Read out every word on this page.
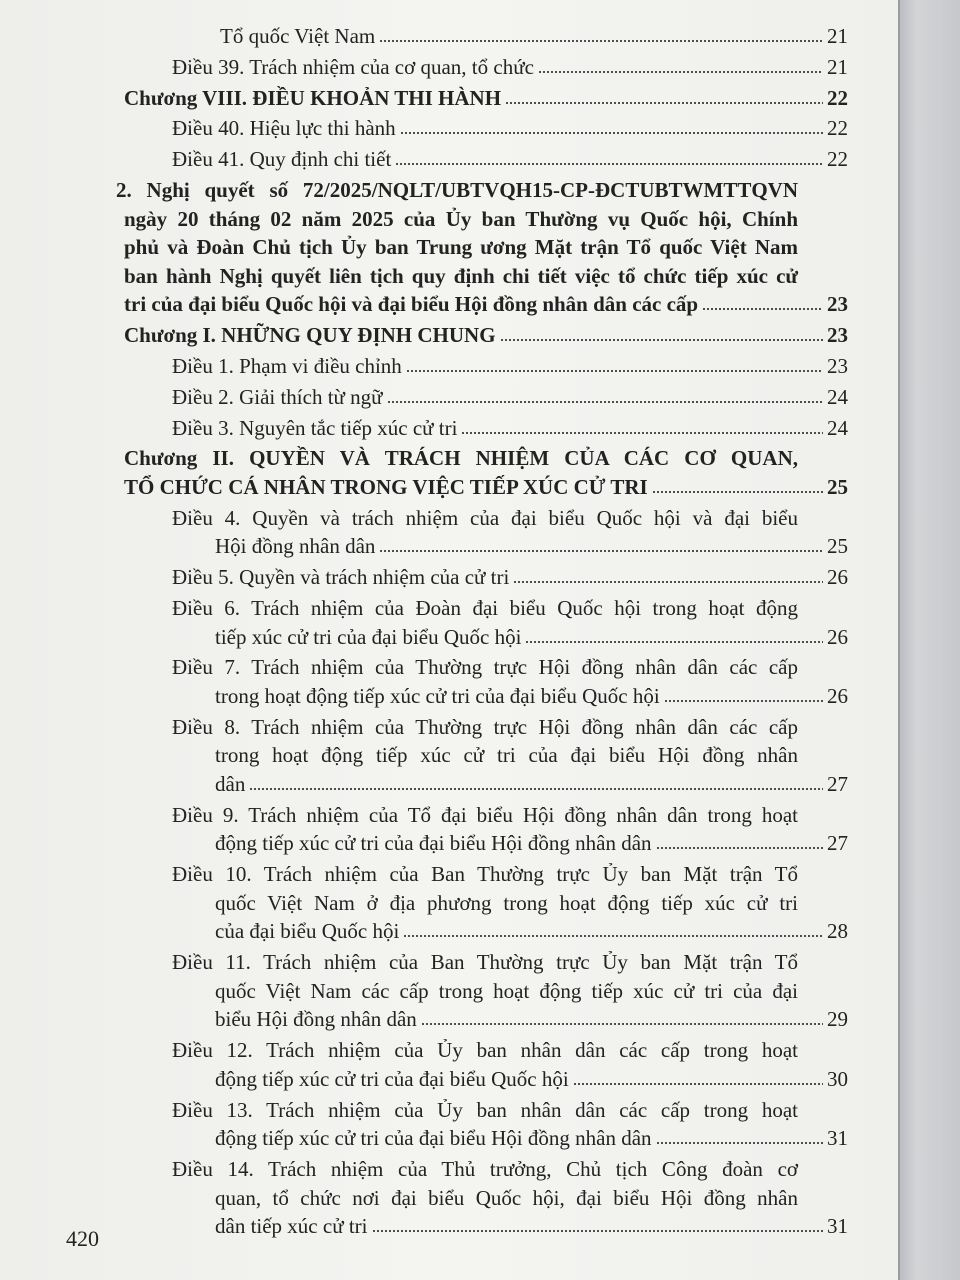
Tổ quốc Việt Nam	21
Điều 39. Trách nhiệm của cơ quan, tổ chức	21
Chương VIII. ĐIỀU KHOẢN THI HÀNH	22
Điều 40. Hiệu lực thi hành	22
Điều 41. Quy định chi tiết	22
2. Nghị quyết số 72/2025/NQLT/UBTVQH15-CP-ĐCTUBTWMTTQVN
ngày 20 tháng 02 năm 2025 của Ủy ban Thường vụ Quốc hội, Chính
phủ và Đoàn Chủ tịch Ủy ban Trung ương Mặt trận Tổ quốc Việt Nam
ban hành Nghị quyết liên tịch quy định chi tiết việc tổ chức tiếp xúc cử
tri của đại biểu Quốc hội và đại biểu Hội đồng nhân dân các cấp	23
Chương I. NHỮNG QUY ĐỊNH CHUNG	23
Điều 1. Phạm vi điều chỉnh	23
Điều 2. Giải thích từ ngữ	24
Điều 3. Nguyên tắc tiếp xúc cử tri	24
Chương II. QUYỀN VÀ TRÁCH NHIỆM CỦA CÁC CƠ QUAN,
TỔ CHỨC CÁ NHÂN TRONG VIỆC TIẾP XÚC CỬ TRI	25
Điều 4. Quyền và trách nhiệm của đại biểu Quốc hội và đại biểu
Hội đồng nhân dân	25
Điều 5. Quyền và trách nhiệm của cử tri	26
Điều 6. Trách nhiệm của Đoàn đại biểu Quốc hội trong hoạt động
tiếp xúc cử tri của đại biểu Quốc hội	26
Điều 7. Trách nhiệm của Thường trực Hội đồng nhân dân các cấp
trong hoạt động tiếp xúc cử tri của đại biểu Quốc hội	26
Điều 8. Trách nhiệm của Thường trực Hội đồng nhân dân các cấp
trong hoạt động tiếp xúc cử tri của đại biểu Hội đồng nhân
dân	27
Điều 9. Trách nhiệm của Tổ đại biểu Hội đồng nhân dân trong hoạt
động tiếp xúc cử tri của đại biểu Hội đồng nhân dân	27
Điều 10. Trách nhiệm của Ban Thường trực Ủy ban Mặt trận Tổ
quốc Việt Nam ở địa phương trong hoạt động tiếp xúc cử tri
của đại biểu Quốc hội	28
Điều 11. Trách nhiệm của Ban Thường trực Ủy ban Mặt trận Tổ
quốc Việt Nam các cấp trong hoạt động tiếp xúc cử tri của đại
biểu Hội đồng nhân dân	29
Điều 12. Trách nhiệm của Ủy ban nhân dân các cấp trong hoạt
động tiếp xúc cử tri của đại biểu Quốc hội	30
Điều 13. Trách nhiệm của Ủy ban nhân dân các cấp trong hoạt
động tiếp xúc cử tri của đại biểu Hội đồng nhân dân	31
Điều 14. Trách nhiệm của Thủ trưởng, Chủ tịch Công đoàn cơ
quan, tổ chức nơi đại biểu Quốc hội, đại biểu Hội đồng nhân
dân tiếp xúc cử tri	31
420
